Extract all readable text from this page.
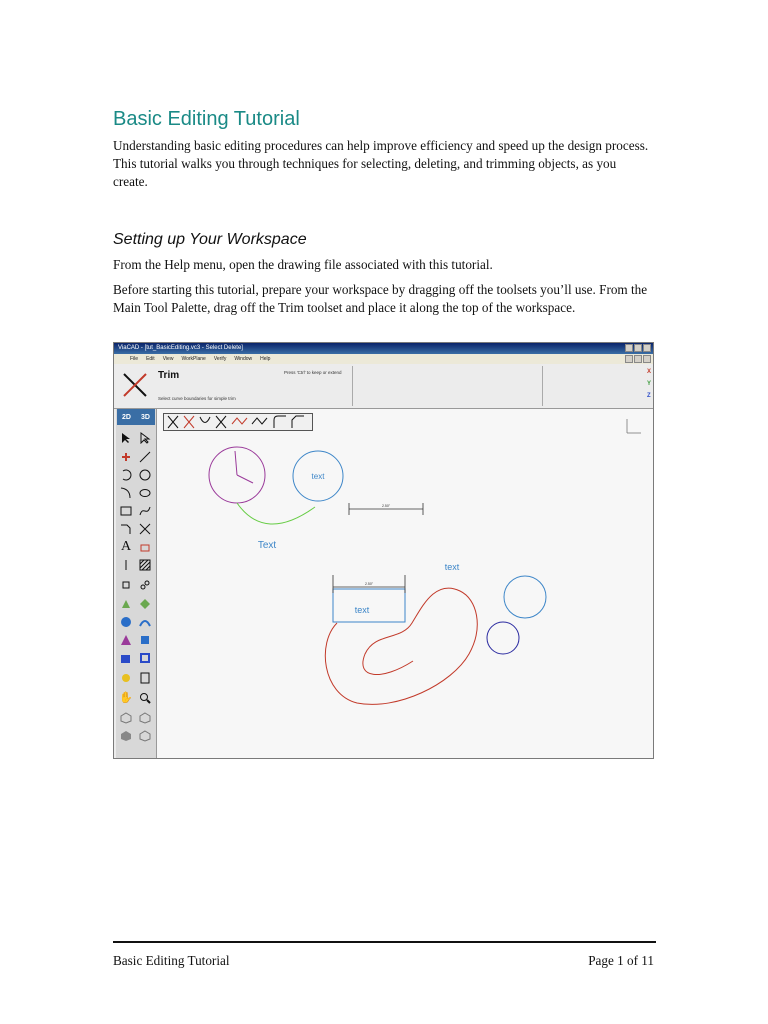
Basic Editing Tutorial

Understanding basic editing procedures can help improve efficiency and speed up the design process. This tutorial walks you through techniques for selecting, deleting, and trimming objects, as you create.

Setting up Your Workspace

From the Help menu, open the drawing file associated with this tutorial.

Before starting this tutorial, prepare your workspace by dragging off the toolsets you’ll use. From the Main Tool Palette, drag off the Trim toolset and place it along the top of the workspace.

ViaCAD - [tut_BasicEditing.vc3 - Select Delete]
File Edit View WorkPlane Verify Window Help
Trim
Select curve boundaries for simple trim
Press 'Ctrl' to keep or extend	X
Y
Z
2D 3D
A
✋
text
Text
2.50"
2.50"
text
text
Basic Editing Tutorial	Page 1 of 11
